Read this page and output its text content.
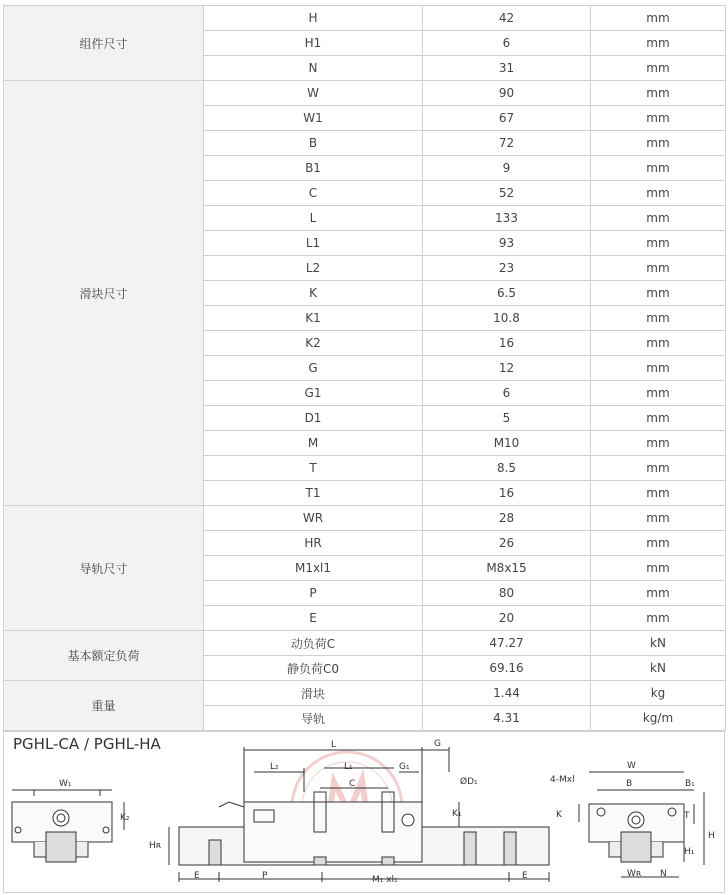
组件尺寸	H	42	mm
	H1	6	mm
	N	31	mm
滑块尺寸	W	90	mm
	W1	67	mm
	B	72	mm
	B1	9	mm
	C	52	mm
	L	133	mm
	L1	93	mm
	L2	23	mm
	K	6.5	mm
	K1	10.8	mm
	K2	16	mm
	G	12	mm
	G1	6	mm
	D1	5	mm
	M	M10	mm
	T	8.5	mm
	T1	16	mm
导轨尺寸	WR	28	mm
	HR	26	mm
	M1xl1	M8x15	mm
	P	80	mm
	E	20	mm
基本额定负荷	动负荷C	47.27	kN
	静负荷C0	69.16	kN
重量	滑块	1.44	kg
	导轨	4.31	kg/m
PGHL-CA / PGHL-HA
W₁
K₂
Hʀ
L
L₂	L₁
C
G₁
G
ØD₁
K₁
M₁ xl₁
E	P	E
W
B	B₁
4-Mxl
K	T
H
H₁
Wʀ N
